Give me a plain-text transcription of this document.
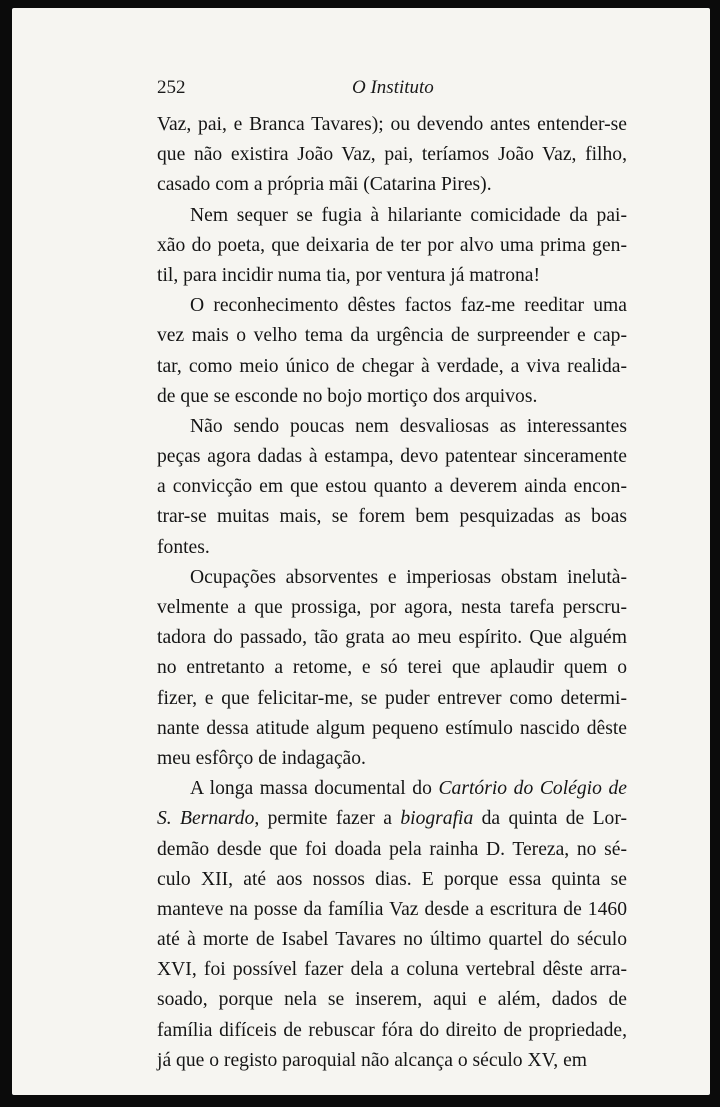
252	O Instituto
Vaz, pai, e Branca Tavares); ou devendo antes entender-se
que não existira João Vaz, pai, teríamos João Vaz, filho,
casado com a própria mãi (Catarina Pires).
Nem sequer se fugia à hilariante comicidade da pai-
xão do poeta, que deixaria de ter por alvo uma prima gen-
til, para incidir numa tia, por ventura já matrona!
O reconhecimento dêstes factos faz-me reeditar uma
vez mais o velho tema da urgência de surpreender e cap-
tar, como meio único de chegar à verdade, a viva realida-
de que se esconde no bojo mortiço dos arquivos.
Não sendo poucas nem desvaliosas as interessantes
peças agora dadas à estampa, devo patentear sinceramente
a convicção em que estou quanto a deverem ainda encon-
trar-se muitas mais, se forem bem pesquizadas as boas
fontes.
Ocupações absorventes e imperiosas obstam inelutà-
velmente a que prossiga, por agora, nesta tarefa perscru-
tadora do passado, tão grata ao meu espírito. Que alguém
no entretanto a retome, e só terei que aplaudir quem o
fizer, e que felicitar-me, se puder entrever como determi-
nante dessa atitude algum pequeno estímulo nascido dêste
meu esfôrço de indagação.
A longa massa documental do Cartório do Colégio de
S. Bernardo, permite fazer a biografia da quinta de Lor-
demão desde que foi doada pela rainha D. Tereza, no sé-
culo XII, até aos nossos dias. E porque essa quinta se
manteve na posse da família Vaz desde a escritura de 1460
até à morte de Isabel Tavares no último quartel do século
XVI, foi possível fazer dela a coluna vertebral dêste arra-
soado, porque nela se inserem, aqui e além, dados de
família difíceis de rebuscar fóra do direito de propriedade,
já que o registo paroquial não alcança o século XV, em
